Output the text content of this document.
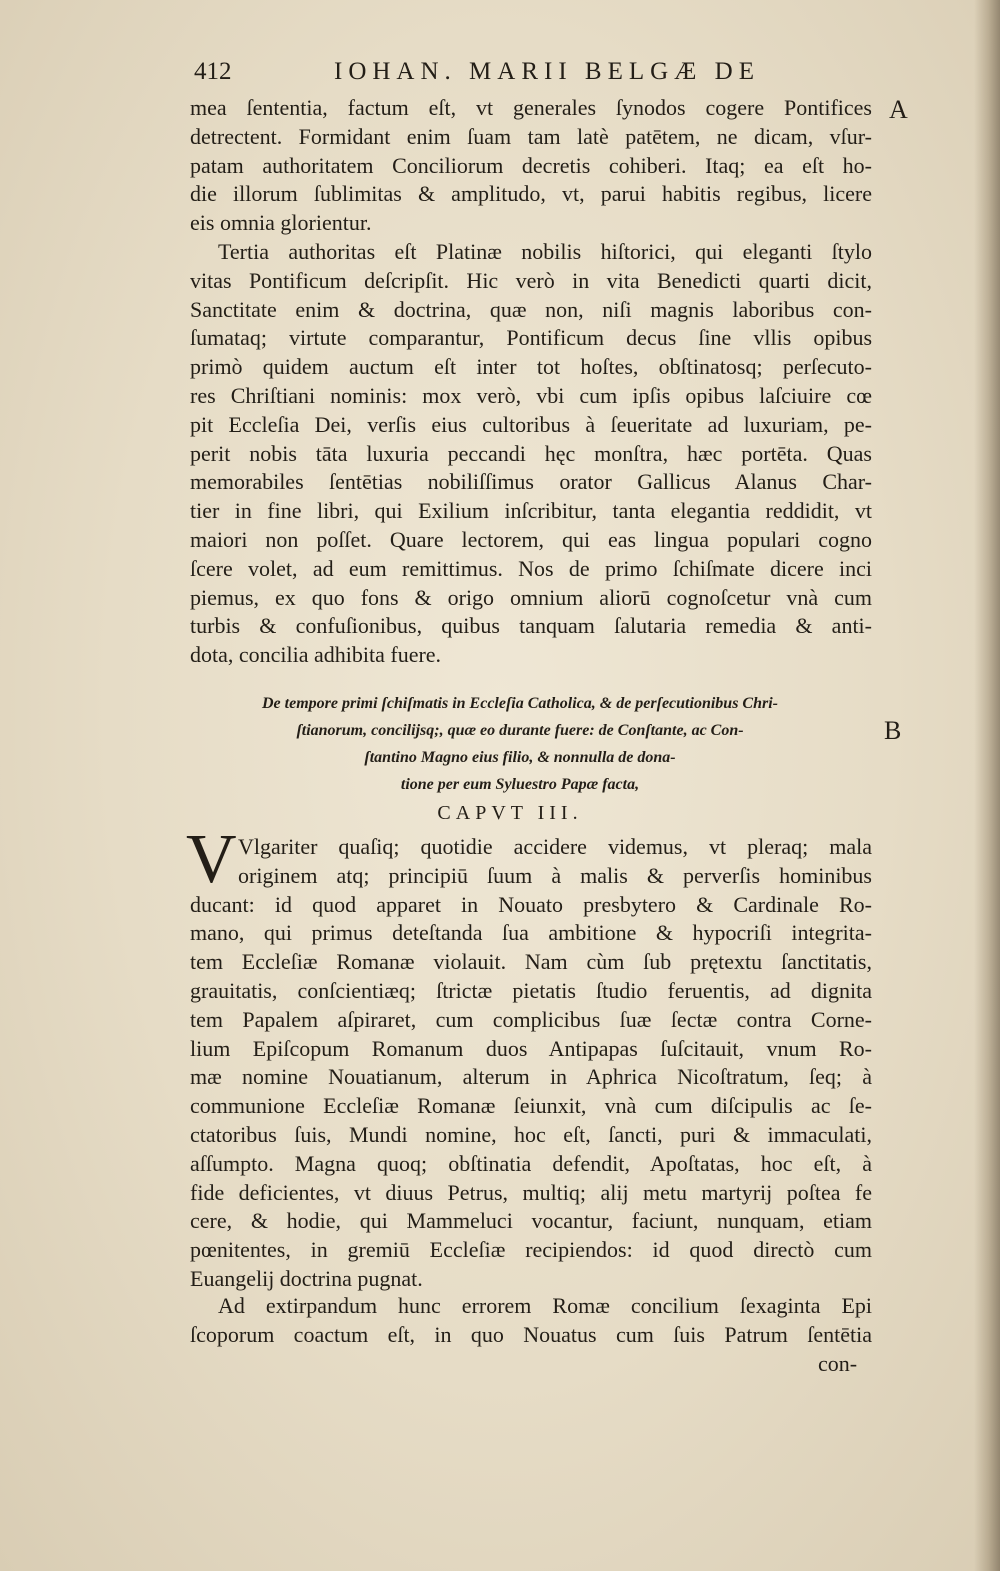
412	IOHAN. MARII BELGÆ DE
A
B
mea ſententia, factum eſt, vt generales ſynodos cogere Pontifices
detrectent. Formidant enim ſuam tam latè patētem, ne dicam, vſur-
patam authoritatem Conciliorum decretis cohiberi. Itaq; ea eſt ho-
die illorum ſublimitas & amplitudo, vt, parui habitis regibus, licere
eis omnia glorientur.
Tertia authoritas eſt Platinæ nobilis hiſtorici, qui eleganti ſtylo
vitas Pontificum deſcripſit. Hic verò in vita Benedicti quarti dicit,
Sanctitate enim & doctrina, quæ non, niſi magnis laboribus con-
ſumataq; virtute comparantur, Pontificum decus ſine vllis opibus
primò quidem auctum eſt inter tot hoſtes, obſtinatosq; perſecuto-
res Chriſtiani nominis: mox verò, vbi cum ipſis opibus laſciuire cœ
pit Eccleſia Dei, verſis eius cultoribus à ſeueritate ad luxuriam, pe-
perit nobis tāta luxuria peccandi hęc monſtra, hæc portēta. Quas
memorabiles ſentētias nobiliſſimus orator Gallicus Alanus Char-
tier in fine libri, qui Exilium inſcribitur, tanta elegantia reddidit, vt
maiori non poſſet. Quare lectorem, qui eas lingua populari cogno
ſcere volet, ad eum remittimus. Nos de primo ſchiſmate dicere inci
piemus, ex quo fons & origo omnium aliorū cognoſcetur vnà cum
turbis & confuſionibus, quibus tanquam ſalutaria remedia & anti-
dota, concilia adhibita fuere.
De tempore primi ſchiſmatis in Eccleſia Catholica, & de perſecutionibus Chri-
ſtianorum, concilijsq;, quæ eo durante fuere: de Conſtante, ac Con-
ſtantino Magno eius filio, & nonnulla de dona-
tione per eum Syluestro Papæ facta,
CAPVT III.
V Vlgariter quaſiq; quotidie accidere videmus, vt pleraq; mala
originem atq; principiū ſuum à malis & perverſis hominibus
ducant: id quod apparet in Nouato presbytero & Cardinale Ro-
mano, qui primus deteſtanda ſua ambitione & hypocriſi integrita-
tem Eccleſiæ Romanæ violauit. Nam cùm ſub prętextu ſanctitatis,
grauitatis, conſcientiæq; ſtrictæ pietatis ſtudio feruentis, ad dignita
tem Papalem aſpiraret, cum complicibus ſuæ ſectæ contra Corne-
lium Epiſcopum Romanum duos Antipapas ſuſcitauit, vnum Ro-
mæ nomine Nouatianum, alterum in Aphrica Nicoſtratum, ſeq; à
communione Eccleſiæ Romanæ ſeiunxit, vnà cum diſcipulis ac ſe-
ctatoribus ſuis, Mundi nomine, hoc eſt, ſancti, puri & immaculati,
aſſumpto. Magna quoq; obſtinatia defendit, Apoſtatas, hoc eſt, à
fide deficientes, vt diuus Petrus, multiq; alij metu martyrij poſtea fe
cere, & hodie, qui Mammeluci vocantur, faciunt, nunquam, etiam
pœnitentes, in gremiū Eccleſiæ recipiendos: id quod directò cum
Euangelij doctrina pugnat.
Ad extirpandum hunc errorem Romæ concilium ſexaginta Epi
ſcoporum coactum eſt, in quo Nouatus cum ſuis Patrum ſentētia
con-
